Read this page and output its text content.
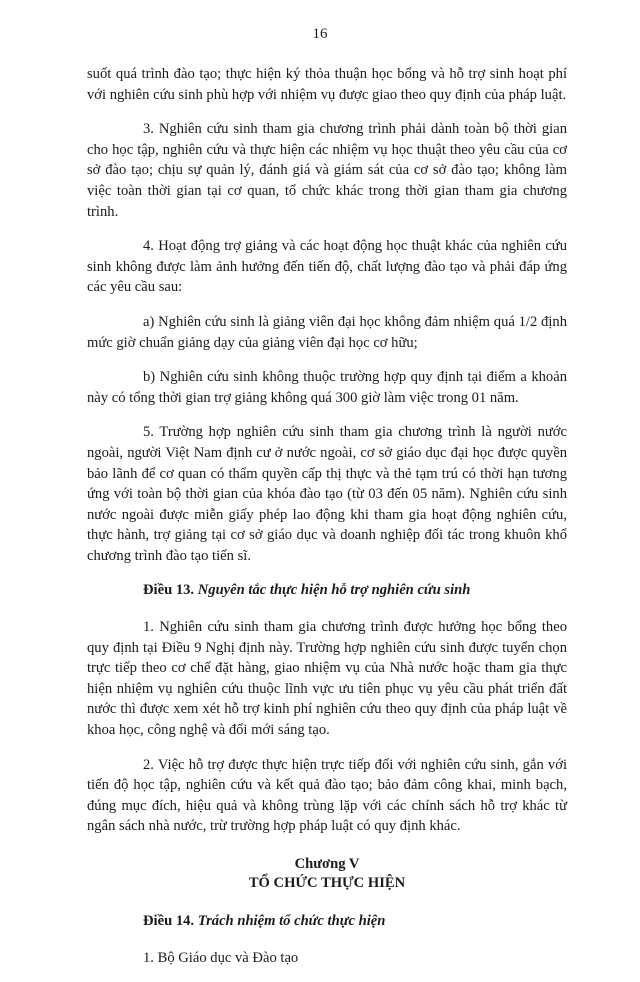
16

suốt quá trình đào tạo; thực hiện ký thỏa thuận học bổng và hỗ trợ sinh hoạt phí với nghiên cứu sinh phù hợp với nhiệm vụ được giao theo quy định của pháp luật.

3. Nghiên cứu sinh tham gia chương trình phải dành toàn bộ thời gian cho học tập, nghiên cứu và thực hiện các nhiệm vụ học thuật theo yêu cầu của cơ sở đào tạo; chịu sự quản lý, đánh giá và giám sát của cơ sở đào tạo; không làm việc toàn thời gian tại cơ quan, tổ chức khác trong thời gian tham gia chương trình.

4. Hoạt động trợ giảng và các hoạt động học thuật khác của nghiên cứu sinh không được làm ảnh hưởng đến tiến độ, chất lượng đào tạo và phải đáp ứng các yêu cầu sau:

a) Nghiên cứu sinh là giảng viên đại học không đảm nhiệm quá 1/2 định mức giờ chuẩn giảng dạy của giảng viên đại học cơ hữu;

b) Nghiên cứu sinh không thuộc trường hợp quy định tại điểm a khoản này có tổng thời gian trợ giảng không quá 300 giờ làm việc trong 01 năm.

5. Trường hợp nghiên cứu sinh tham gia chương trình là người nước ngoài, người Việt Nam định cư ở nước ngoài, cơ sở giáo dục đại học được quyền bảo lãnh để cơ quan có thẩm quyền cấp thị thực và thẻ tạm trú có thời hạn tương ứng với toàn bộ thời gian của khóa đào tạo (từ 03 đến 05 năm). Nghiên cứu sinh nước ngoài được miễn giấy phép lao động khi tham gia hoạt động nghiên cứu, thực hành, trợ giảng tại cơ sở giáo dục và doanh nghiệp đối tác trong khuôn khổ chương trình đào tạo tiến sĩ.

Điều 13. Nguyên tắc thực hiện hỗ trợ nghiên cứu sinh

1. Nghiên cứu sinh tham gia chương trình được hưởng học bổng theo quy định tại Điều 9 Nghị định này. Trường hợp nghiên cứu sinh được tuyển chọn trực tiếp theo cơ chế đặt hàng, giao nhiệm vụ của Nhà nước hoặc tham gia thực hiện nhiệm vụ nghiên cứu thuộc lĩnh vực ưu tiên phục vụ yêu cầu phát triển đất nước thì được xem xét hỗ trợ kinh phí nghiên cứu theo quy định của pháp luật về khoa học, công nghệ và đổi mới sáng tạo.

2. Việc hỗ trợ được thực hiện trực tiếp đối với nghiên cứu sinh, gắn với tiến độ học tập, nghiên cứu và kết quả đào tạo; bảo đảm công khai, minh bạch, đúng mục đích, hiệu quả và không trùng lặp với các chính sách hỗ trợ khác từ ngân sách nhà nước, trừ trường hợp pháp luật có quy định khác.

Chương V

TỔ CHỨC THỰC HIỆN

Điều 14. Trách nhiệm tổ chức thực hiện

1. Bộ Giáo dục và Đào tạo
